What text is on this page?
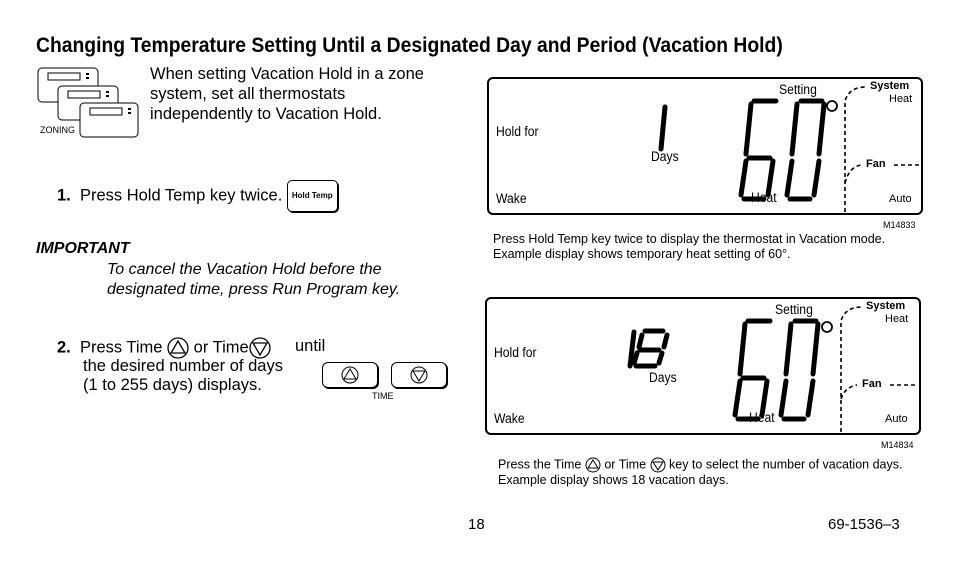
Changing Temperature Setting Until a Designated Day and Period (Vacation Hold)
ZONING
When setting Vacation Hold in a zone system, set all thermostats independently to Vacation Hold.
1. Press Hold Temp key twice. Hold Temp
IMPORTANT
To cancel the Vacation Hold before the designated time, press Run Program key.
2. Press Time or Time	until the desired number of days (1 to 255 days) displays.
TIME
Setting
Hold for
Days
Wake	Heat	Auto
System
Heat
Fan
M14833
Press Hold Temp key twice to display the thermostat in Vacation mode. Example display shows temporary heat setting of 60°.
Setting
Hold for
Days
Wake	Heat	Auto
System
Heat
Fan
M14834
Press the Time or Time key to select the number of vacation days. Example display shows 18 vacation days.
18	69-1536–3
